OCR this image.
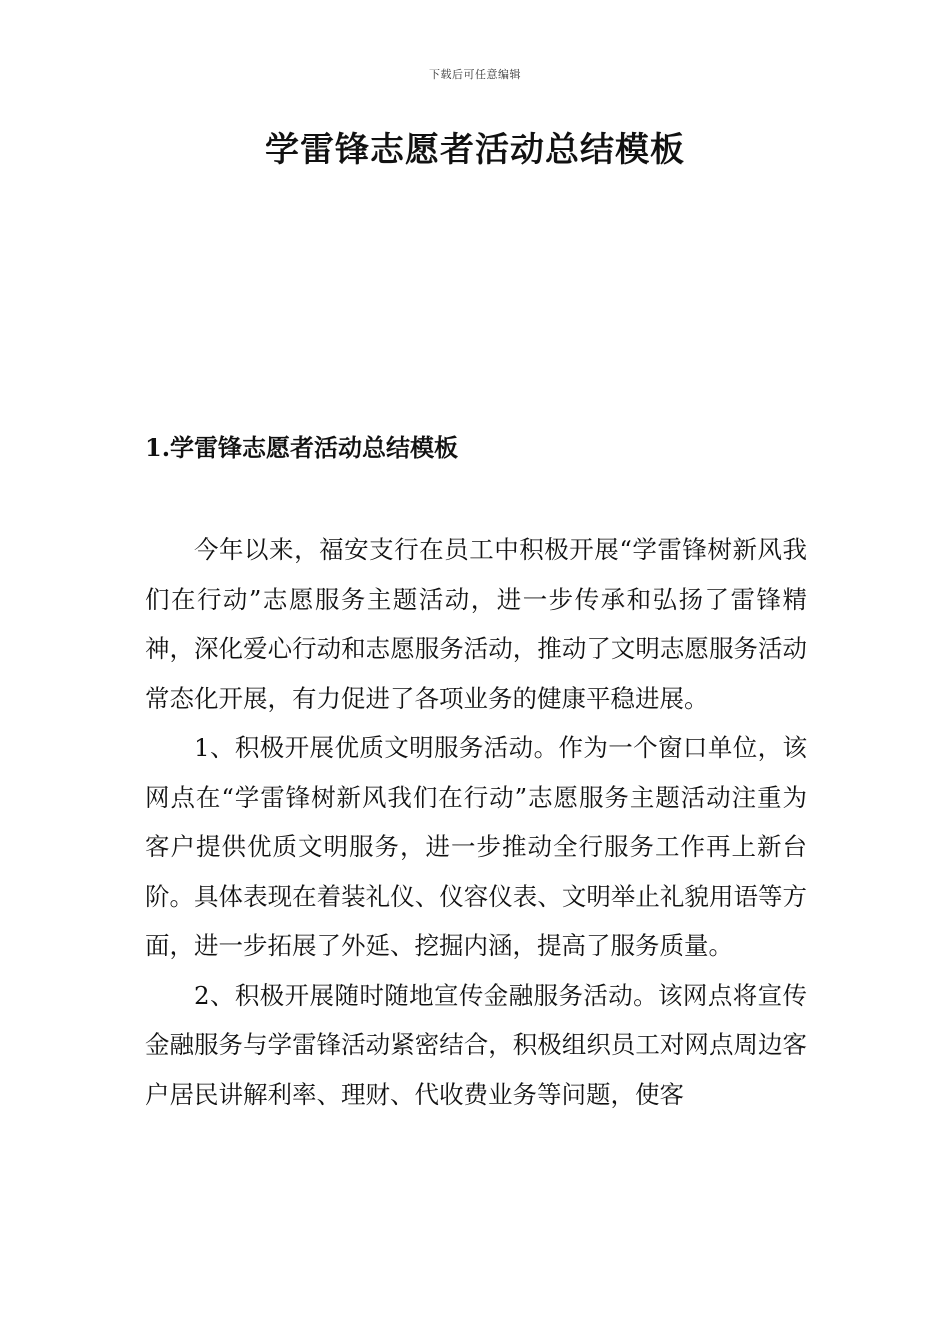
下载后可任意编辑
学雷锋志愿者活动总结模板
1.学雷锋志愿者活动总结模板

今年以来，福安支行在员工中积极开展“学雷锋树新风我们在行动”志愿服务主题活动，进一步传承和弘扬了雷锋精神，深化爱心行动和志愿服务活动，推动了文明志愿服务活动常态化开展，有力促进了各项业务的健康平稳进展。

1、积极开展优质文明服务活动。作为一个窗口单位，该网点在“学雷锋树新风我们在行动”志愿服务主题活动注重为客户提供优质文明服务，进一步推动全行服务工作再上新台阶。具体表现在着装礼仪、仪容仪表、文明举止礼貌用语等方面，进一步拓展了外延、挖掘内涵，提高了服务质量。

2、积极开展随时随地宣传金融服务活动。该网点将宣传金融服务与学雷锋活动紧密结合，积极组织员工对网点周边客户居民讲解利率、理财、代收费业务等问题，使客
